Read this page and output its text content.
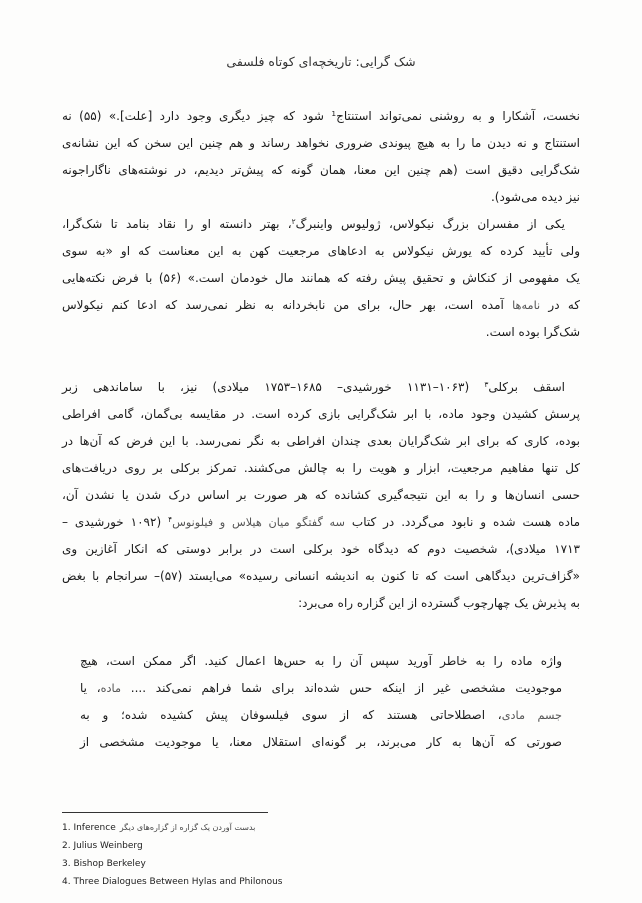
شک گرایی: تاریخچه‌ای کوتاه فلسفی
نخست، آشکارا و به روشنی نمی‌تواند استنتاج$^1$ شود که چیز دیگری وجود دارد [علت].» (۵۵) نه
استنتاج و نه دیدن ما را به هیچ پیوندی ضروری نخواهد رساند و هم چنین این سخن که این نشانه‌ی
شک‌گرایی دقیق است (هم چنین این معنا، همان گونه که پیش‌تر دیدیم، در نوشته‌های ناگاراجونه
نیز دیده می‌شود).
یکی از مفسران بزرگ نیکولاس، ژولیوس واینبرگ$^۲$، بهتر دانسته او را نقاد بنامد تا شک‌گرا،
ولی تأیید کرده که یورش نیکولاس به ادعاهای مرجعیت کهن به این معناست که او «به سوی
یک مفهومی از کنکاش و تحقیق پیش رفته که همانند مال خودمان است.» (۵۶) با فرض نکته‌هایی
که در نامه‌ها آمده است، بهر حال، برای من نابخردانه به نظر نمی‌رسد که ادعا کنم نیکولاس
شک‌گرا بوده است.
اسقف برکلی$^۳$ (۱۰۶۳–۱۱۳۱ خورشیدی– ۱۶۸۵–۱۷۵۳ میلادی) نیز، با ساماندهی زبر
پرسش کشیدن وجود ماده، با ابر شک‌گرایی بازی کرده است. در مقایسه بی‌گمان، گامی افراطی
بوده، کاری که برای ابر شک‌گرایان بعدی چندان افراطی به نگر نمی‌رسد. با این فرض که آن‌ها در
کل تنها مفاهیم مرجعیت، ابزار و هویت را به چالش می‌کشند. تمرکز برکلی بر روی دریافت‌های
حسی انسان‌ها و را به این نتیجه‌گیری کشانده که هر صورت بر اساس درک شدن یا نشدن آن،
ماده هست شده و نابود می‌گردد. در کتاب سه گفتگو میان هیلاس و فیلونوس$^۴$ (۱۰۹۲ خورشیدی –
۱۷۱۳ میلادی)، شخصیت دوم که دیدگاه خود برکلی است در برابر دوستی که انکار آغازین وی
«گزاف‌ترین دیدگاهی است که تا کنون به اندیشه انسانی رسیده» می‌ایستد (۵۷)– سرانجام با بغض
به پذیرش یک چهارچوب گسترده از این گزاره راه می‌برد:
واژه ماده را به خاطر آورید سپس آن را به حس‌ها اعمال کنید. اگر ممکن است، هیچ
موجودیت مشخصی غیر از اینکه حس شده‌اند برای شما فراهم نمی‌کند .... ماده، یا
جسم مادی، اصطلاحاتی هستند که از سوی فیلسوفان پیش کشیده شده؛ و به
صورتی که آن‌ها به کار می‌برند، بر گونه‌ای استقلال معنا، یا موجودیت مشخصی از
1. Inference بدست آوردن یک گزاره از گزاره‌های دیگر
2. Julius Weinberg
3. Bishop Berkeley
4. Three Dialogues Between Hylas and Philonous
